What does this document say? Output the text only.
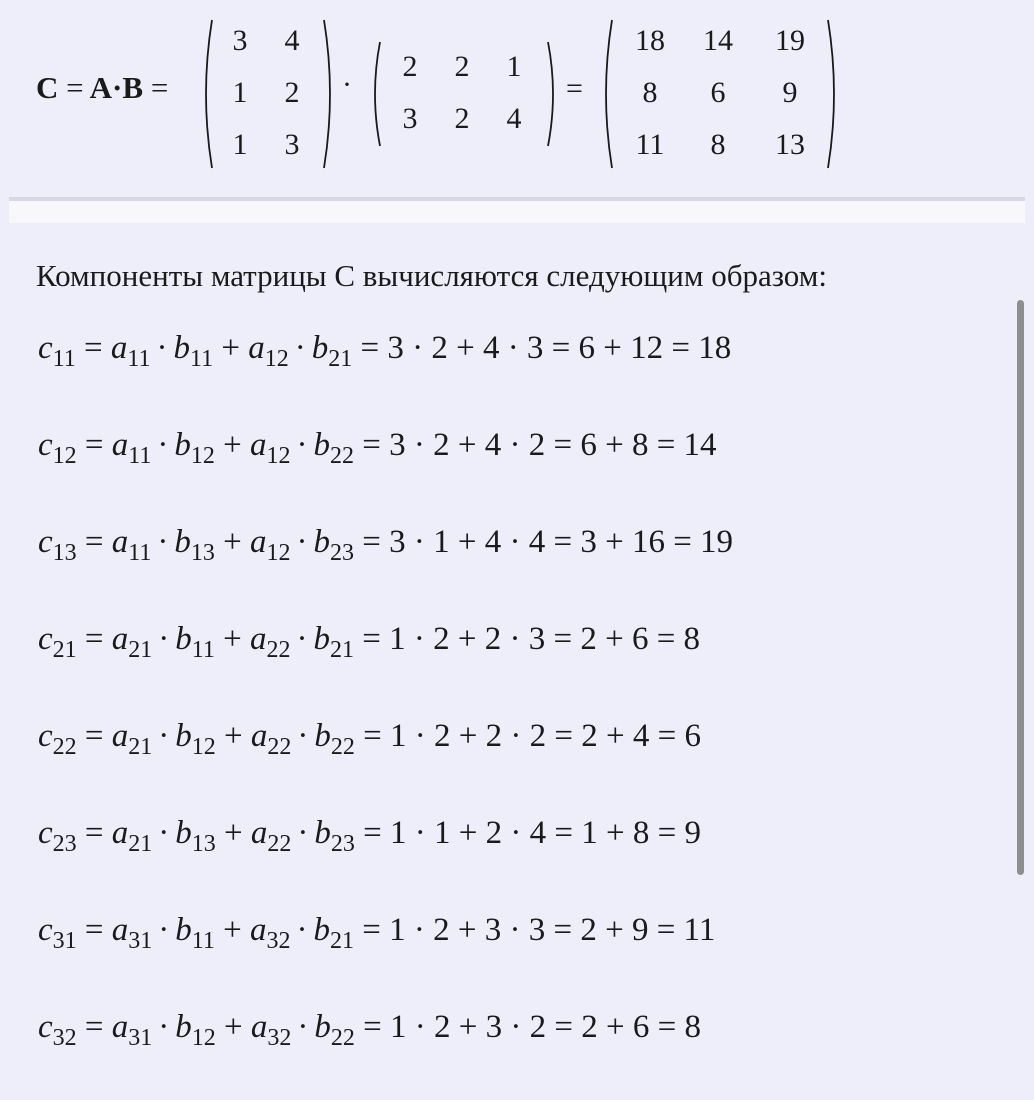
C = A·B =
3	4
1	2
1	3
·
2	2	1
3	2	4
=
18 14 19
8	6	9
11	8	13
Компоненты матрицы C вычисляются следующим образом:
$c_{11} = a_{11} \cdot b_{11} + a_{12} \cdot b_{21} = 3 \cdot 2 + 4 \cdot 3 = 6 + 12 = 18$
$c_{12} = a_{11} \cdot b_{12} + a_{12} \cdot b_{22} = 3 \cdot 2 + 4 \cdot 2 = 6 + 8 = 14$
$c_{13} = a_{11} \cdot b_{13} + a_{12} \cdot b_{23} = 3 \cdot 1 + 4 \cdot 4 = 3 + 16 = 19$
$c_{21} = a_{21} \cdot b_{11} + a_{22} \cdot b_{21} = 1 \cdot 2 + 2 \cdot 3 = 2 + 6 = 8$
$c_{22} = a_{21} \cdot b_{12} + a_{22} \cdot b_{22} = 1 \cdot 2 + 2 \cdot 2 = 2 + 4 = 6$
$c_{23} = a_{21} \cdot b_{13} + a_{22} \cdot b_{23} = 1 \cdot 1 + 2 \cdot 4 = 1 + 8 = 9$
$c_{31} = a_{31} \cdot b_{11} + a_{32} \cdot b_{21} = 1 \cdot 2 + 3 \cdot 3 = 2 + 9 = 11$
$c_{32} = a_{31} \cdot b_{12} + a_{32} \cdot b_{22} = 1 \cdot 2 + 3 \cdot 2 = 2 + 6 = 8$
